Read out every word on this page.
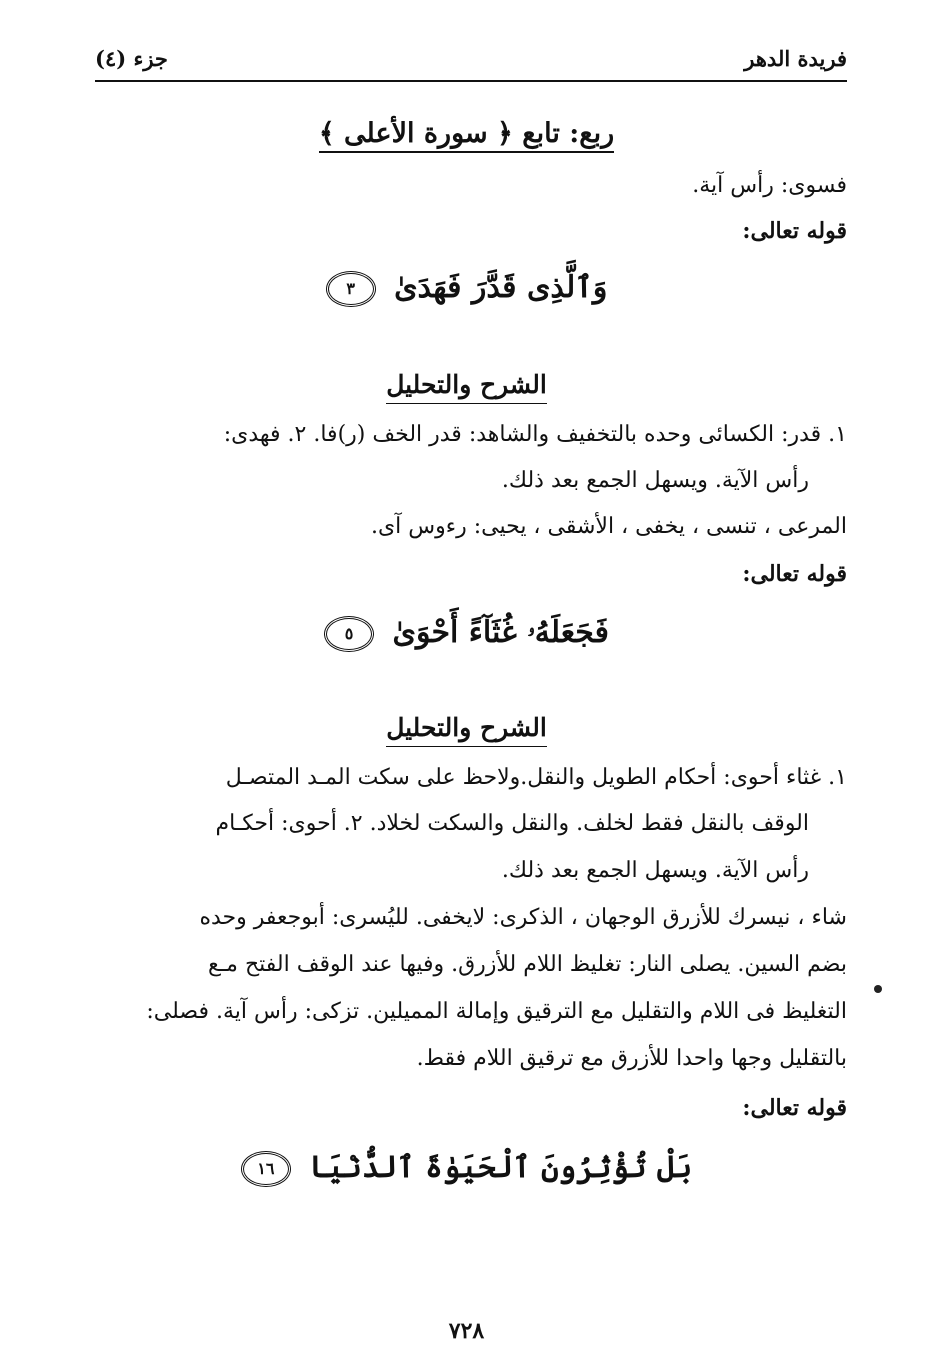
فريدة الدهر
جزء (٤)
ربع: تابع ﴿ سورة الأعلى ﴾
فسوى: رأس آية.
قوله تعالى:
وَٱلَّذِى قَدَّرَ فَهَدَىٰ ٣
الشرح والتحليل
١. قدر: الكسائى وحده بالتخفيف والشاهد: قدر الخف (ر)فا. ٢. فهدى:
رأس الآية. ويسهل الجمع بعد ذلك.
المرعى ، تنسى ، يخفى ، الأشقى ، يحيى: رءوس آى.
قوله تعالى:
فَجَعَلَهُۥ غُثَآءً أَحْوَىٰ ٥
الشرح والتحليل
١. غثاء أحوى: أحكام الطويل والنقل.ولاحظ على سكت المـد المتصـل
الوقف بالنقل فقط لخلف. والنقل والسكت لخلاد. ٢. أحوى: أحكـام
رأس الآية. ويسهل الجمع بعد ذلك.
شاء ، نيسرك للأزرق الوجهان ، الذكرى: لايخفى. لليُسرى: أبوجعفر وحده
بضم السين. يصلى النار: تغليظ اللام للأزرق. وفيها عند الوقف الفتح مـع
التغليظ فى اللام والتقليل مع الترقيق وإمالة المميلين. تزكى: رأس آية. فصلى:
بالتقليل وجها واحدا للأزرق مع ترقيق اللام فقط.
قوله تعالى:
بَلْ تُؤْثِرُونَ ٱلْحَيَوٰةَ ٱلدُّنْيَا ١٦
٧٢٨
